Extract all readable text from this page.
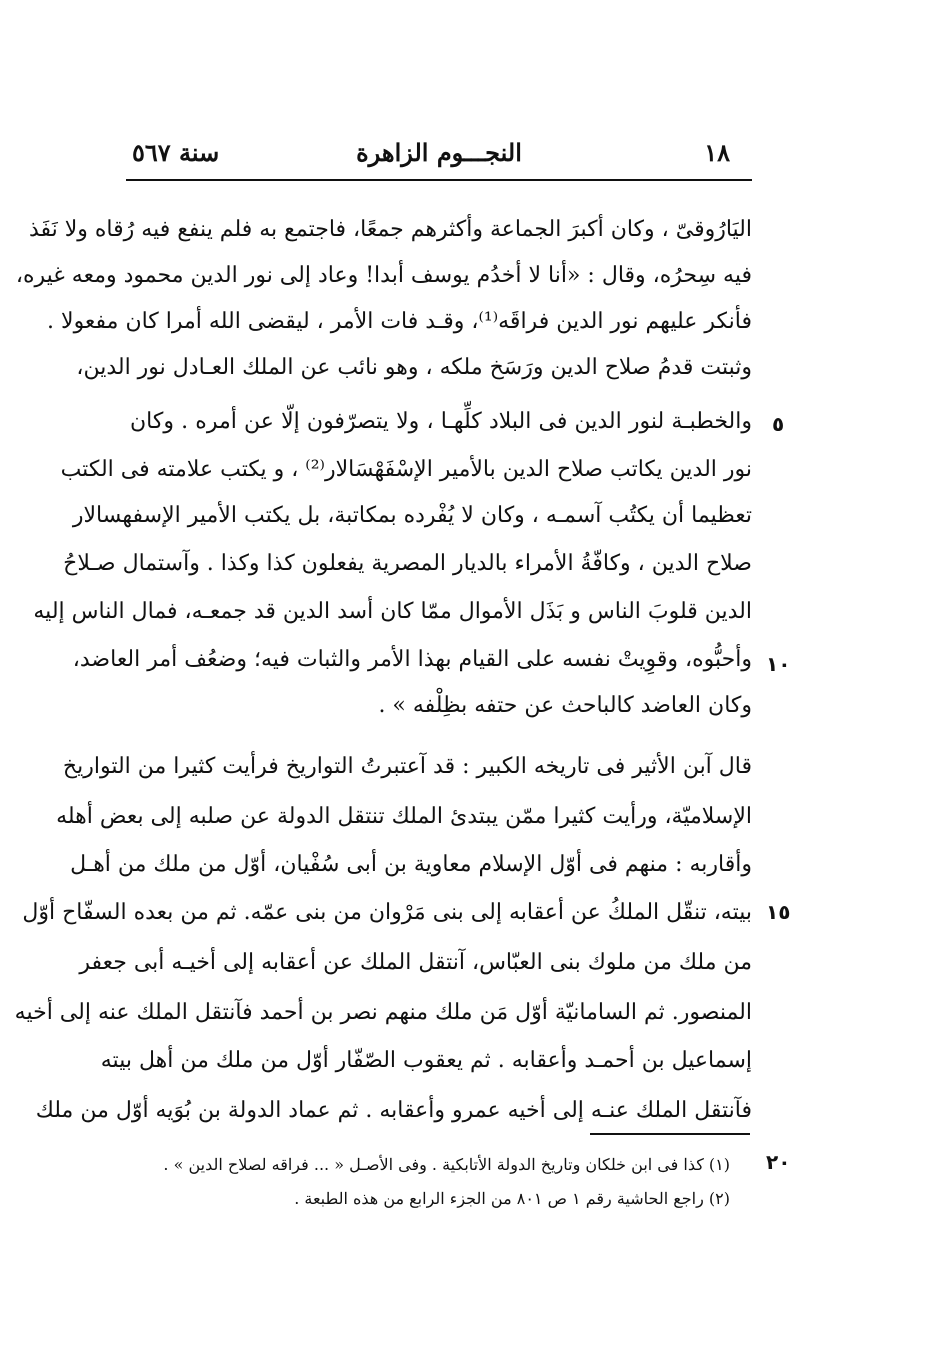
١٨
النجـــوم الزاهرة
سنة ٥٦٧
اليَارُوقىّ ، وكان أكبرَ الجماعة وأكثرهم جمعًا، فاجتمع به فلم ينفع فيه رُقاه ولا نَفَذ
فيه سِحرُه، وقال : «أنا لا أخدُم يوسف أبدا! وعاد إلى نور الدين محمود ومعه غيره،
فأنكر عليهم نور الدين فراقَه⁽¹⁾، وقـد فات الأمر ، ليقضى الله أمرا كان مفعولا .
وثبتت قدمُ صلاح الدين ورَسَخ ملكه ، وهو نائب عن الملك العـادل نور الدين،
والخطبـة لنور الدين فى البلاد كلِّهـا ، ولا يتصرّفون إلّا عن أمره . وكان
نور الدين يكاتب صلاح الدين بالأمير الإسْفَهْسَالار⁽²⁾ ، و يكتب علامته فى الكتب
تعظيما أن يكتُب آسمـه ، وكان لا يُفْرده بمكاتبة، بل يكتب الأمير الإسفهسالار
صلاح الدين ، وكافّةُ الأمراء بالديار المصرية يفعلون كذا وكذا . وآستمال صـلاحُ
الدين قلوبَ الناس و بَذَل الأموال ممّا كان أسد الدين قد جمعـه، فمال الناس إليه
وأحبُّوه، وقوِيتْ نفسه على القيام بهذا الأمر والثبات فيه؛ وضعُف أمر العاضد،
وكان العاضد كالباحث عن حتفه بظِلْفه » .
قال آبن الأثير فى تاريخه الكبير : قد آعتبرتُ التواريخ فرأيت كثيرا من التواريخ
الإسلاميّة، ورأيت كثيرا ممّن يبتدئ الملك تنتقل الدولة عن صلبه إلى بعض أهله
وأقاربه : منهم فى أوّل الإسلام معاوية بن أبى سُفْيان، أوّل من ملك من أهـل
بيته، تنقّل الملكُ عن أعقابه إلى بنى مَرْوان من بنى عمّه. ثم من بعده السفّاح أوّل
من ملك من ملوك بنى العبّاس، آنتقل الملك عن أعقابه إلى أخيـه أبى جعفر
المنصور. ثم السامانيّة أوّل مَن ملك منهم نصر بن أحمد فآنتقل الملك عنه إلى أخيه
إسماعيل بن أحمـد وأعقابه . ثم يعقوب الصّفّار أوّل من ملك من أهل بيته
فآنتقل الملك عنـه إلى أخيه عمرو وأعقابه . ثم عماد الدولة بن بُوَيه أوّل من ملك
٥
١٠
١٥
٢٠
(١) كذا فى ابن خلكان وتاريخ الدولة الأتابكية . وفى الأصـل « ... فراقه لصلاح الدين » .
(٢) راجع الحاشية رقم ١ ص ٨٠١ من الجزء الرابع من هذه الطبعة .
